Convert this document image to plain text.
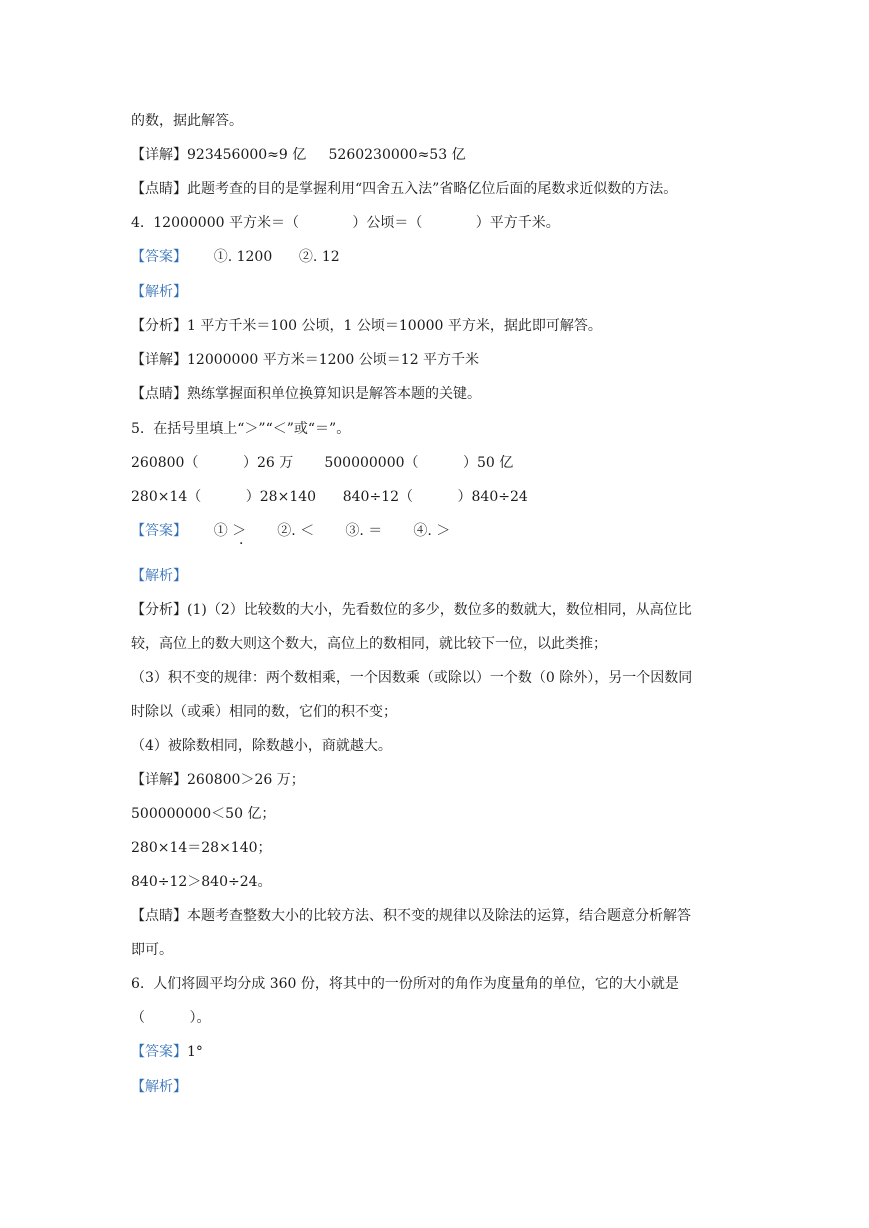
的数，据此解答。
【详解】923456000≈9 亿     5260230000≈53 亿
【点睛】此题考查的目的是掌握利用“四舍五入法”省略亿位后面的尾数求近似数的方法。
4.  12000000 平方米＝（            ）公顷＝（            ）平方千米。
【答案】      ①. 1200      ②. 12
【解析】
【分析】1 平方千米＝100 公顷，1 公顷＝10000 平方米，据此即可解答。
【详解】12000000 平方米＝1200 公顷＝12 平方千米
【点睛】熟练掌握面积单位换算知识是解答本题的关键。
5.  在括号里填上“＞”“＜”或“＝”。
260800（          ）26 万       500000000（          ）50 亿
280×14（          ）28×140      840÷12（          ）840÷24
【答案】      ① ＞       ②. ＜       ③. ＝       ④. ＞
【解析】
【分析】(1)（2）比较数的大小，先看数位的多少，数位多的数就大，数位相同，从高位比
较，高位上的数大则这个数大，高位上的数相同，就比较下一位，以此类推；
（3）积不变的规律：两个数相乘，一个因数乘（或除以）一个数（0 除外），另一个因数同
时除以（或乘）相同的数，它们的积不变；
（4）被除数相同，除数越小，商就越大。
【详解】260800＞26 万；
500000000＜50 亿；
280×14＝28×140；
840÷12＞840÷24。
【点睛】本题考查整数大小的比较方法、积不变的规律以及除法的运算，结合题意分析解答
即可。
6.  人们将圆平均分成 360 份，将其中的一份所对的角作为度量角的单位，它的大小就是
（          ）。
【答案】1°
【解析】
·
